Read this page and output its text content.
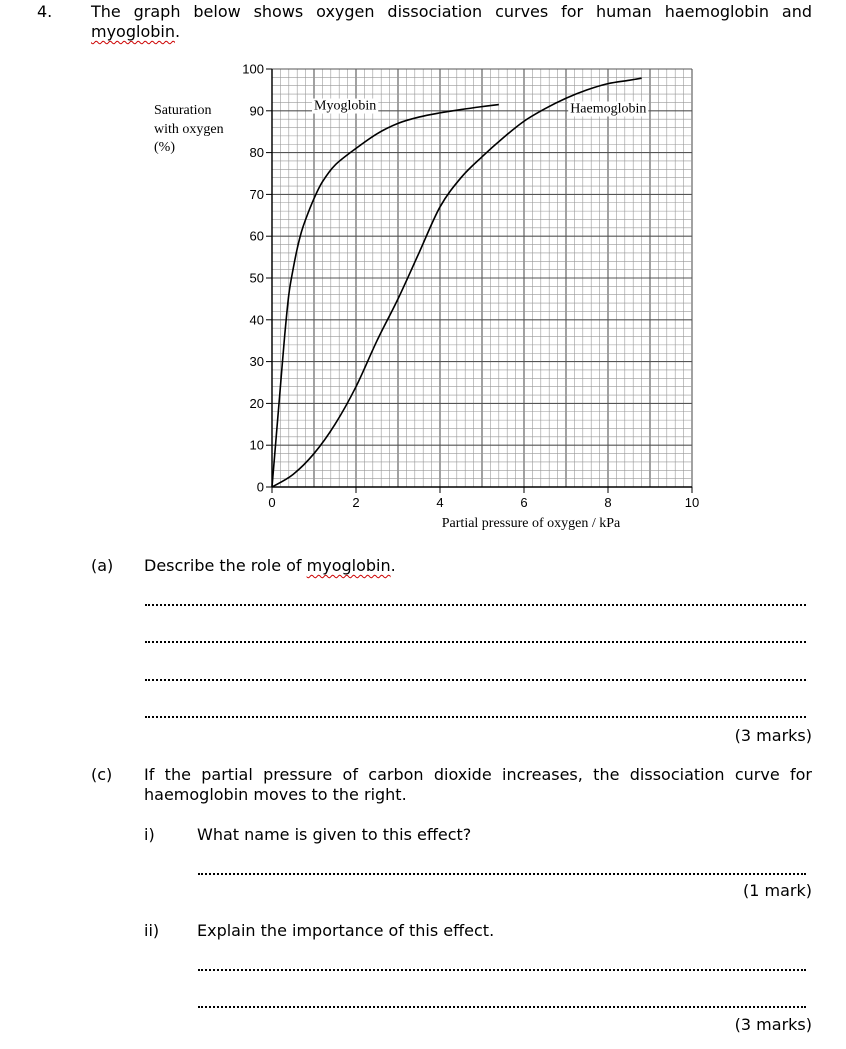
4. The graph below shows oxygen dissociation curves for human haemoglobin and myoglobin.
Saturation
with oxygen
(%)
0
10
20
30
40
50
60
70
80
90
100
0	2	4	6	8	10
Myoglobin	Haemoglobin
Partial pressure of oxygen / kPa
(a) Describe the role of myoglobin.
(3 marks)
(c) If the partial pressure of carbon dioxide increases, the dissociation curve for haemoglobin moves to the right.
i)	What name is given to this effect?
(1 mark)
ii) Explain the importance of this effect.
(3 marks)
